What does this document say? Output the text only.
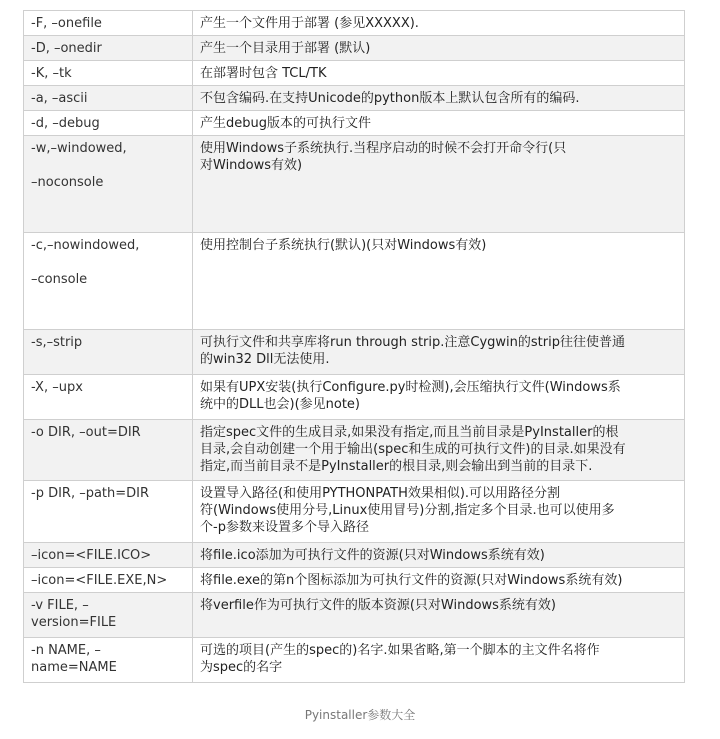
-F, –onefile	产生一个文件用于部署 (参见XXXXX).

-D, –onedir	产生一个目录用于部署 (默认)

-K, –tk	在部署时包含 TCL/TK

-a, –ascii	不包含编码.在支持Unicode的python版本上默认包含所有的编码.

-d, –debug	产生debug版本的可执行文件

-w,–windowed,
–noconsole	使用Windows子系统执行.当程序启动的时候不会打开命令行(只
对Windows有效)

-c,–nowindowed,
–console	使用控制台子系统执行(默认)(只对Windows有效)

-s,–strip	可执行文件和共享库将run through strip.注意Cygwin的strip往往使普通
的win32 Dll无法使用.

-X, –upx	如果有UPX安装(执行Configure.py时检测),会压缩执行文件(Windows系
统中的DLL也会)(参见note)

-o DIR, –out=DIR	指定spec文件的生成目录,如果没有指定,而且当前目录是PyInstaller的根
目录,会自动创建一个用于输出(spec和生成的可执行文件)的目录.如果没有
指定,而当前目录不是PyInstaller的根目录,则会输出到当前的目录下.

-p DIR, –path=DIR	设置导入路径(和使用PYTHONPATH效果相似).可以用路径分割
符(Windows使用分号,Linux使用冒号)分割,指定多个目录.也可以使用多
个-p参数来设置多个导入路径

–icon=<FILE.ICO>	将file.ico添加为可执行文件的资源(只对Windows系统有效)

–icon=<FILE.EXE,N>	将file.exe的第n个图标添加为可执行文件的资源(只对Windows系统有效)

-v FILE, –
version=FILE	将verfile作为可执行文件的版本资源(只对Windows系统有效)

-n NAME, –
name=NAME	可选的项目(产生的spec的)名字.如果省略,第一个脚本的主文件名将作
为spec的名字
Pyinstaller参数大全
